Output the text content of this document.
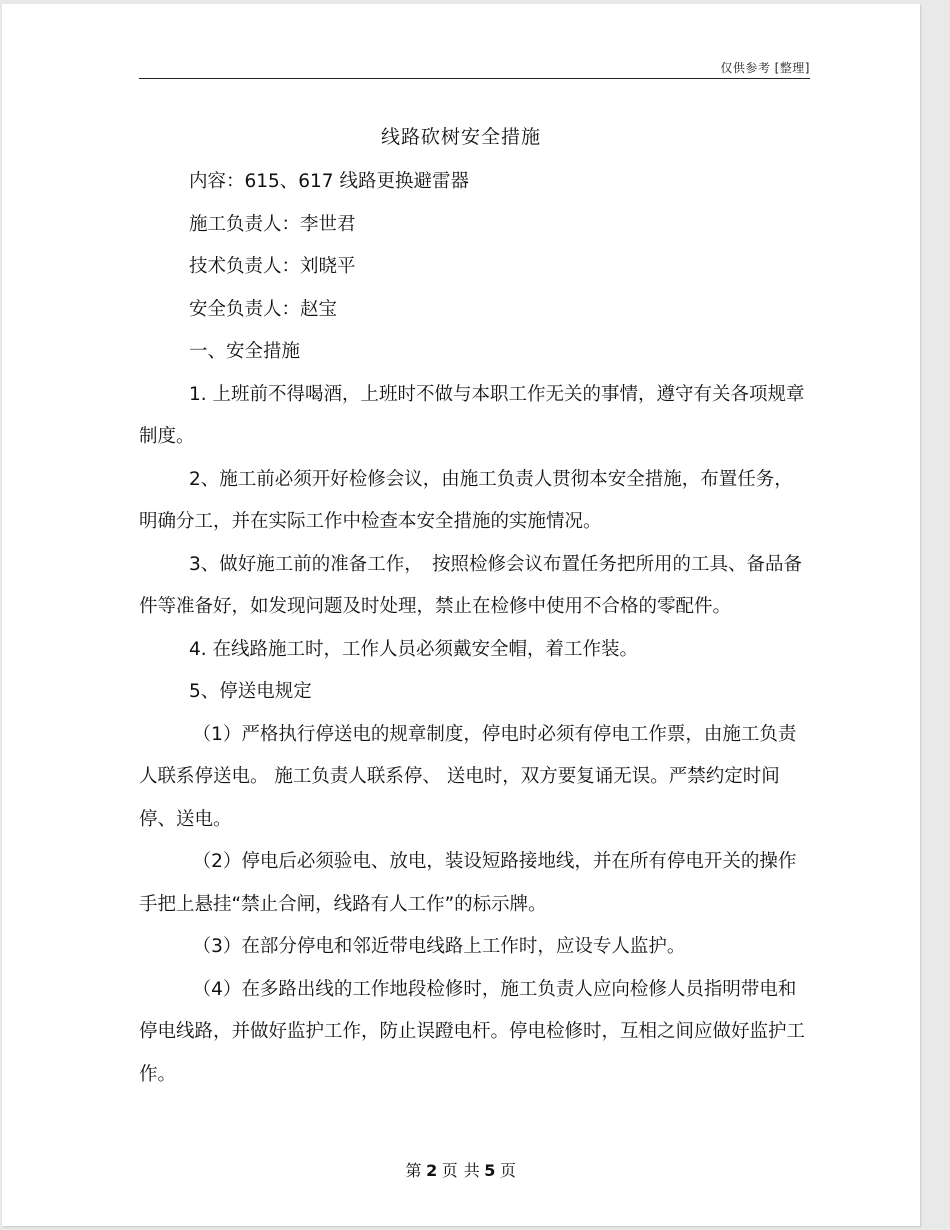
仅供参考 [整理]
线路砍树安全措施

内容：615、617 线路更换避雷器

施工负责人：李世君

技术负责人：刘晓平

安全负责人：赵宝

一、安全措施

1. 上班前不得喝酒，上班时不做与本职工作无关的事情，遵守有关各项规章制度。

2、施工前必须开好检修会议，由施工负责人贯彻本安全措施，布置任务，明确分工，并在实际工作中检查本安全措施的实施情况。

3、做好施工前的准备工作，　按照检修会议布置任务把所用的工具、备品备件等准备好，如发现问题及时处理，禁止在检修中使用不合格的零配件。

4. 在线路施工时，工作人员必须戴安全帽，着工作装。

5、停送电规定

（1）严格执行停送电的规章制度，停电时必须有停电工作票，由施工负责人联系停送电。 施工负责人联系停、 送电时，双方要复诵无误。严禁约定时间停、送电。

（2）停电后必须验电、放电，装设短路接地线，并在所有停电开关的操作手把上悬挂“禁止合闸，线路有人工作”的标示牌。

（3）在部分停电和邻近带电线路上工作时，应设专人监护。

（4）在多路出线的工作地段检修时，施工负责人应向检修人员指明带电和停电线路，并做好监护工作，防止误蹬电杆。停电检修时，互相之间应做好监护工作。

第 2 页 共 5 页
